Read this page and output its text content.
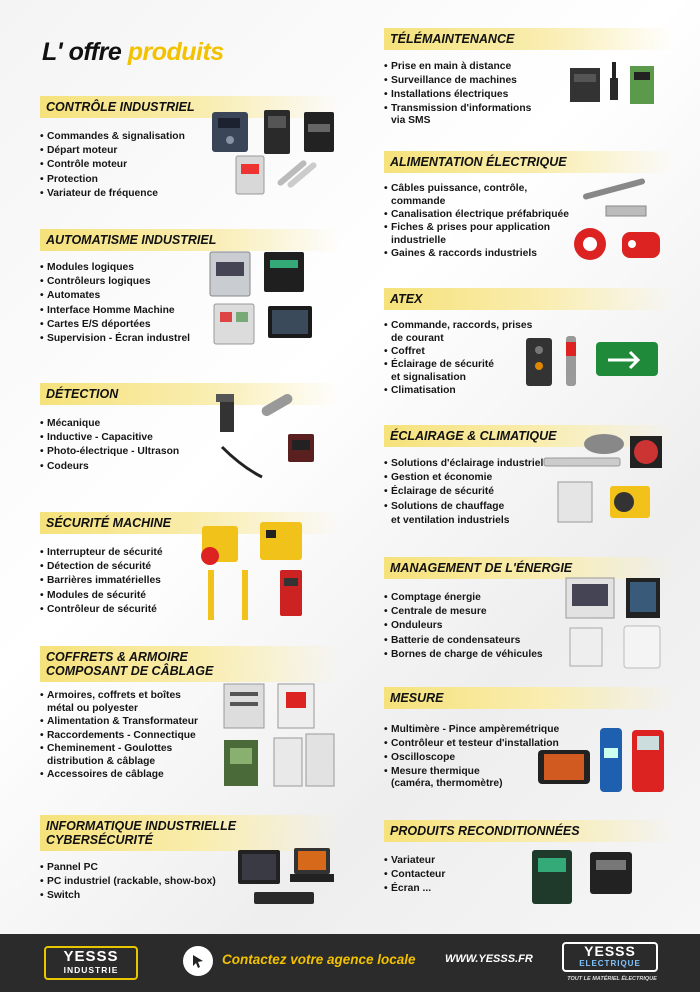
L' offre produits
CONTRÔLE INDUSTRIEL
• Commandes & signalisation
• Départ moteur
• Contrôle moteur
• Protection
• Variateur de fréquence
AUTOMATISME INDUSTRIEL
• Modules logiques
• Contrôleurs logiques
• Automates
• Interface Homme Machine
• Cartes E/S déportées
• Supervision - Écran industrel
DÉTECTION
• Mécanique
• Inductive - Capacitive
• Photo-électrique - Ultrason
• Codeurs
SÉCURITÉ MACHINE
• Interrupteur de sécurité
• Détection de sécurité
• Barrières immatérielles
• Modules de sécurité
• Contrôleur de sécurité
COFFRETS & ARMOIRE
COMPOSANT DE CÂBLAGE
• Armoires, coffrets et boîtes
métal ou polyester
• Alimentation & Transformateur
• Raccordements - Connectique
• Cheminement - Goulottes
distribution & câblage
• Accessoires de câblage
INFORMATIQUE INDUSTRIELLE
CYBERSÉCURITÉ
• Pannel PC
• PC industriel (rackable, show-box)
• Switch
TÉLÉMAINTENANCE
• Prise en main à distance
• Surveillance de machines
• Installations électriques
• Transmission d'informations
via SMS
ALIMENTATION ÉLECTRIQUE
• Câbles puissance, contrôle,
commande
• Canalisation électrique préfabriquée
• Fiches & prises pour application
industrielle
• Gaines & raccords industriels
ATEX
• Commande, raccords, prises
de courant
• Coffret
• Éclairage de sécurité
et signalisation
• Climatisation
ÉCLAIRAGE & CLIMATIQUE
• Solutions d'éclairage industriel
• Gestion et économie
• Éclairage de sécurité
• Solutions de chauffage
et ventilation industriels
MANAGEMENT DE L'ÉNERGIE
• Comptage énergie
• Centrale de mesure
• Onduleurs
• Batterie de condensateurs
• Bornes de charge de véhicules
MESURE
• Multimère - Pince ampèremétrique
• Contrôleur et testeur d'installation
• Oscilloscope
• Mesure thermique
(caméra, thermomètre)
PRODUITS RECONDITIONNÉES
• Variateur
• Contacteur
• Écran ...
YESSS
INDUSTRIE
Contactez votre agence locale	WWW.YESSS.FR	YESSS
ELECTRIQUE
TOUT LE MATÉRIEL ÉLECTRIQUE
